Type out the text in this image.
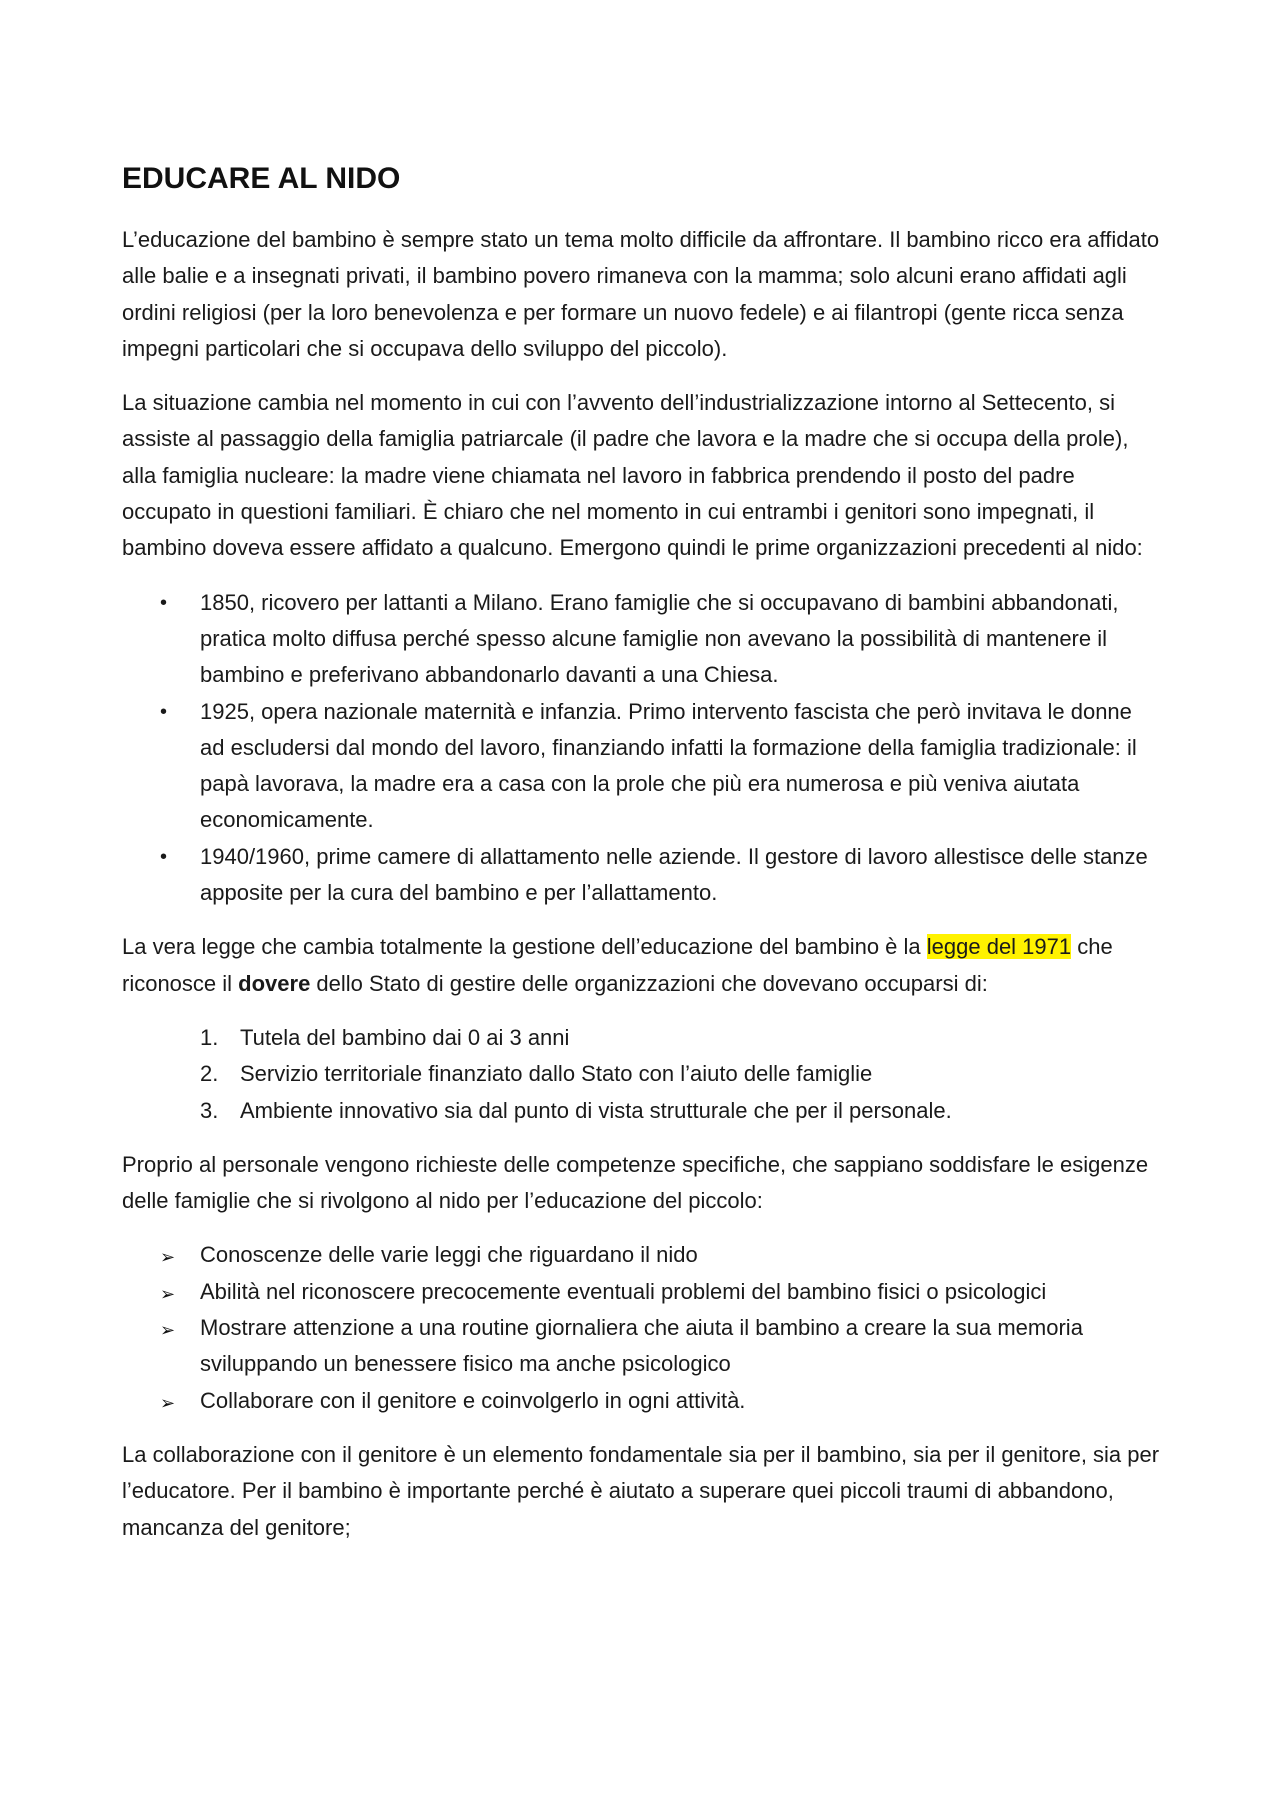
EDUCARE AL NIDO

L’educazione del bambino è sempre stato un tema molto difficile da affrontare. Il bambino ricco era affidato alle balie e a insegnati privati, il bambino povero rimaneva con la mamma; solo alcuni erano affidati agli ordini religiosi (per la loro benevolenza e per formare un nuovo fedele) e ai filantropi (gente ricca senza impegni particolari che si occupava dello sviluppo del piccolo).

La situazione cambia nel momento in cui con l’avvento dell’industrializzazione intorno al Settecento, si assiste al passaggio della famiglia patriarcale (il padre che lavora e la madre che si occupa della prole), alla famiglia nucleare: la madre viene chiamata nel lavoro in fabbrica prendendo il posto del padre occupato in questioni familiari. È chiaro che nel momento in cui entrambi i genitori sono impegnati, il bambino doveva essere affidato a qualcuno. Emergono quindi le prime organizzazioni precedenti al nido:

• 1850, ricovero per lattanti a Milano. Erano famiglie che si occupavano di bambini abbandonati, pratica molto diffusa perché spesso alcune famiglie non avevano la possibilità di mantenere il bambino e preferivano abbandonarlo davanti a una Chiesa.
• 1925, opera nazionale maternità e infanzia. Primo intervento fascista che però invitava le donne ad escludersi dal mondo del lavoro, finanziando infatti la formazione della famiglia tradizionale: il papà lavorava, la madre era a casa con la prole che più era numerosa e più veniva aiutata economicamente.
• 1940/1960, prime camere di allattamento nelle aziende. Il gestore di lavoro allestisce delle stanze apposite per la cura del bambino e per l’allattamento.

La vera legge che cambia totalmente la gestione dell’educazione del bambino è la legge del 1971 che riconosce il dovere dello Stato di gestire delle organizzazioni che dovevano occuparsi di:

1. Tutela del bambino dai 0 ai 3 anni
2. Servizio territoriale finanziato dallo Stato con l’aiuto delle famiglie
3. Ambiente innovativo sia dal punto di vista strutturale che per il personale.

Proprio al personale vengono richieste delle competenze specifiche, che sappiano soddisfare le esigenze delle famiglie che si rivolgono al nido per l’educazione del piccolo:

➢ Conoscenze delle varie leggi che riguardano il nido
➢ Abilità nel riconoscere precocemente eventuali problemi del bambino fisici o psicologici
➢ Mostrare attenzione a una routine giornaliera che aiuta il bambino a creare la sua memoria sviluppando un benessere fisico ma anche psicologico
➢ Collaborare con il genitore e coinvolgerlo in ogni attività.

La collaborazione con il genitore è un elemento fondamentale sia per il bambino, sia per il genitore, sia per l’educatore. Per il bambino è importante perché è aiutato a superare quei piccoli traumi di abbandono, mancanza del genitore;
